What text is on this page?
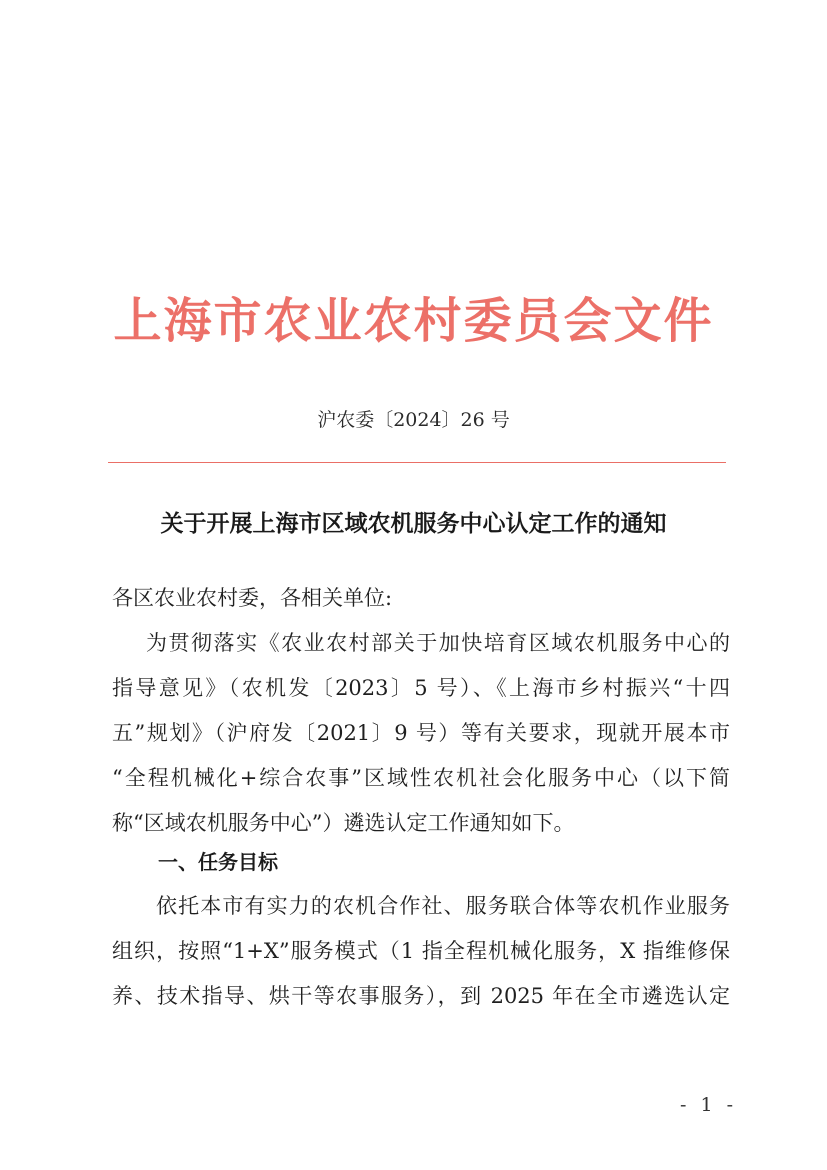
上海市农业农村委员会文件
沪农委〔2024〕26 号
关于开展上海市区域农机服务中心认定工作的通知
各区农业农村委，各相关单位:
为贯彻落实《农业农村部关于加快培育区域农机服务中心的
指导意见》（农机发〔2023〕5 号）、《上海市乡村振兴“十四
五”规划》（沪府发〔2021〕9 号）等有关要求，现就开展本市
“全程机械化+综合农事”区域性农机社会化服务中心（以下简
称“区域农机服务中心”）遴选认定工作通知如下。
依托本市有实力的农机合作社、服务联合体等农机作业服务
组织，按照“1+X”服务模式（1 指全程机械化服务，X 指维修保
养、技术指导、烘干等农事服务），到 2025 年在全市遴选认定
一、任务目标
- 1 -
